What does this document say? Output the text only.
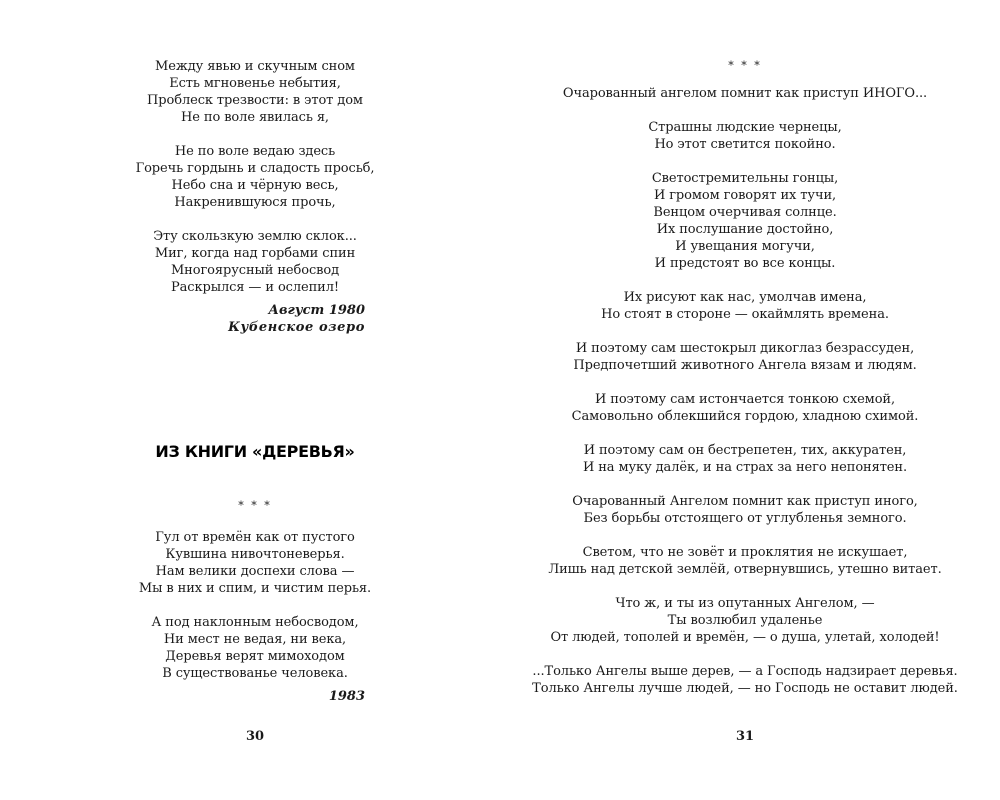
Между явью и скучным сном
Есть мгновенье небытия,
Проблеск трезвости: в этот дом
Не по воле явилась я,
Не по воле ведаю здесь
Горечь гордынь и сладость просьб,
Небо сна и чёрную весь,
Накренившуюся прочь,
Эту скользкую землю склок...
Миг, когда над горбами спин
Многоярусный небосвод
Раскрылся — и ослепил!
Август 1980
Кубенское озеро
ИЗ КНИГИ «ДЕРЕВЬЯ»
* * *
Гул от времён как от пустого
Кувшина нивочтоневерья.
Нам велики доспехи слова —
Мы в них и спим, и чистим перья.
А под наклонным небосводом,
Ни мест не ведая, ни века,
Деревья верят мимоходом
В существованье человека.
1983
30
* * *
Очарованный ангелом помнит как приступ ИНОГО...
Страшны людские чернецы,
Но этот светится покойно.
Светостремительны гонцы,
И громом говорят их тучи,
Венцом очерчивая солнце.
Их послушание достойно,
И увещания могучи,
И предстоят во все концы.
Их рисуют как нас, умолчав имена,
Но стоят в стороне — окаймлять времена.
И поэтому сам шестокрыл дикоглаз безрассуден,
Предпочетший животного Ангела вязам и людям.
И поэтому сам истончается тонкою схемой,
Самовольно облекшийся гордою, хладною схимой.
И поэтому сам он бестрепетен, тих, аккуратен,
И на муку далёк, и на страх за него непонятен.
Очарованный Ангелом помнит как приступ иного,
Без борьбы отстоящего от углубленья земного.
Светом, что не зовёт и проклятия не искушает,
Лишь над детской землёй, отвернувшись, утешно витает.
Что ж, и ты из опутанных Ангелом, —
Ты возлюбил удаленье
От людей, тополей и времён, — о душа, улетай, холодей!
...Только Ангелы выше дерев, — а Господь надзирает деревья.
Только Ангелы лучше людей, — но Господь не оставит людей.
31
